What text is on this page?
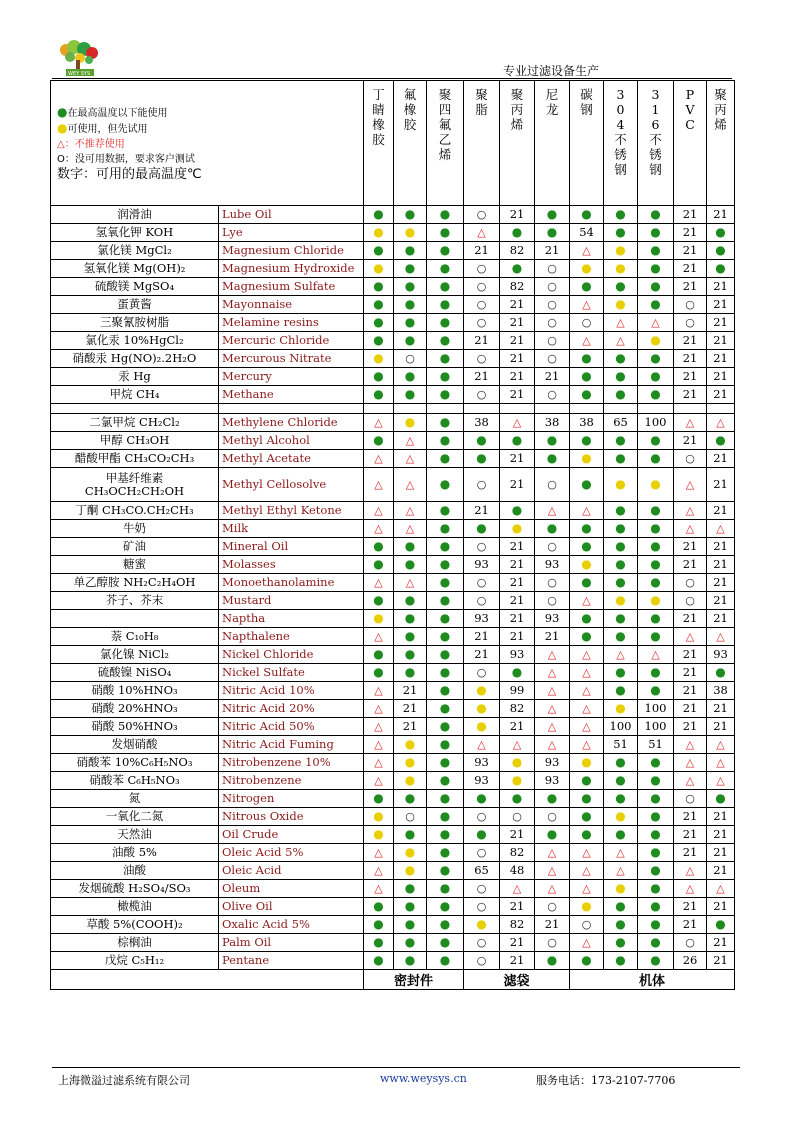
WEY SYS	专业过滤设备生产
●在最高温度以下能使用
●可使用，但先试用
△：不推荐使用
O：没可用数据，要求客户测试
数字：可用的最高温度℃		丁睛橡胶	氟橡胶	聚四氟乙烯	聚脂	聚丙烯	尼龙	碳钢	304不锈钢	316不锈钢	PVC	聚丙烯
润滑油	Lube Oil	●	●	●	○	21	●	●	●	●	21	21
氢氧化钾 KOH	Lye	●	●	●	△	●	●	54	●	●	21	●
氯化镁 MgCl₂	Magnesium Chloride	●	●	●	21	82	21	△	●	●	21	●
氢氧化镁 Mg(OH)₂	Magnesium Hydroxide	●	●	●	○	●	○	●	●	●	21	●
硫酸镁 MgSO₄	Magnesium Sulfate	●	●	●	○	82	○	●	●	●	21	21
蛋黄酱	Mayonnaise	●	●	●	○	21	○	△	●	●	○	21
三聚氰胺树脂	Melamine resins	●	●	●	○	21	○	○	△	△	○	21
氯化汞 10%HgCl₂	Mercuric Chloride	●	●	●	21	21	○	△	△	●	21	21
硝酸汞 Hg(NO)₂.2H₂O	Mercurous Nitrate	●	○	●	○	21	○	●	●	●	21	21
汞 Hg	Mercury	●	●	●	21	21	21	●	●	●	21	21
甲烷 CH₄	Methane	●	●	●	○	21	○	●	●	●	21	21

二氯甲烷 CH₂Cl₂	Methylene Chloride	△	●	●	38	△	38	38	65	100	△	△
甲醇 CH₃OH	Methyl Alcohol	●	△	●	●	●	●	●	●	●	21	●
醋酸甲酯 CH₃CO₂CH₃	Methyl Acetate	△	△	●	●	21	●	●	●	●	○	21

甲基纤维素
CH₃OCH₂CH₂OH	Methyl Cellosolve	△	△	●	○	21	○	●	●	●	△	21
丁酮 CH₃CO.CH₂CH₃	Methyl Ethyl Ketone	△	△	●	21	●	△	△	●	●	△	21
牛奶	Milk	△	△	●	●	●	●	●	●	●	△	△
矿油	Mineral Oil	●	●	●	○	21	○	●	●	●	21	21
糖蜜	Molasses	●	●	●	93	21	93	●	●	●	21	21
单乙醇胺 NH₂C₂H₄OH	Monoethanolamine	△	△	●	○	21	○	●	●	●	○	21
芥子、芥末	Mustard	●	●	●	○	21	○	△	●	●	○	21
	Naptha	●	●	●	93	21	93	●	●	●	21	21
萘 C₁₀H₈	Napthalene	△	●	●	21	21	21	●	●	●	△	△
氯化镍 NiCl₂	Nickel Chloride	●	●	●	21	93	△	△	△	△	21	93
硫酸镍 NiSO₄	Nickel Sulfate	●	●	●	○	●	△	△	●	●	21	●
硝酸 10%HNO₃	Nitric Acid 10%	△	21	●	●	99	△	△	●	●	21	38
硝酸 20%HNO₃	Nitric Acid 20%	△	21	●	●	82	△	△	●	100	21	21
硝酸 50%HNO₃	Nitric Acid 50%	△	21	●	●	21	△	△	100	100	21	21
发烟硝酸	Nitric Acid Fuming	△	●	●	△	△	△	△	51	51	△	△
硝酸苯 10%C₆H₅NO₃	Nitrobenzene 10%	△	●	●	93	●	93	●	●	●	△	△
硝酸苯 C₆H₅NO₃	Nitrobenzene	△	●	●	93	●	93	●	●	●	△	△
氮	Nitrogen	●	●	●	●	●	●	●	●	●	○	●
一氧化二氮	Nitrous Oxide	●	○	●	○	○	○	●	●	●	21	21
天然油	Oil Crude	●	●	●	●	21	●	●	●	●	21	21
油酸 5%	Oleic Acid 5%	△	●	●	○	82	△	△	△	●	21	21
油酸	Oleic Acid	△	●	●	65	48	△	△	△	●	△	21
发烟硫酸 H₂SO₄/SO₃	Oleum	△	●	●	○	△	△	△	●	●	△	△
橄榄油	Olive Oil	●	●	●	○	21	○	●	●	●	21	21
草酸 5%(COOH)₂	Oxalic Acid 5%	●	●	●	●	82	21	○	●	●	21	●
棕榈油	Palm Oil	●	●	●	○	21	○	△	●	●	○	21
戊烷 C₅H₁₂	Pentane	●	●	●	○	21	●	●	●	●	26	21
		密封件			滤袋			机体				
上海微溢过滤系统有限公司	www.weysys.cn	服务电话：173-2107-7706
